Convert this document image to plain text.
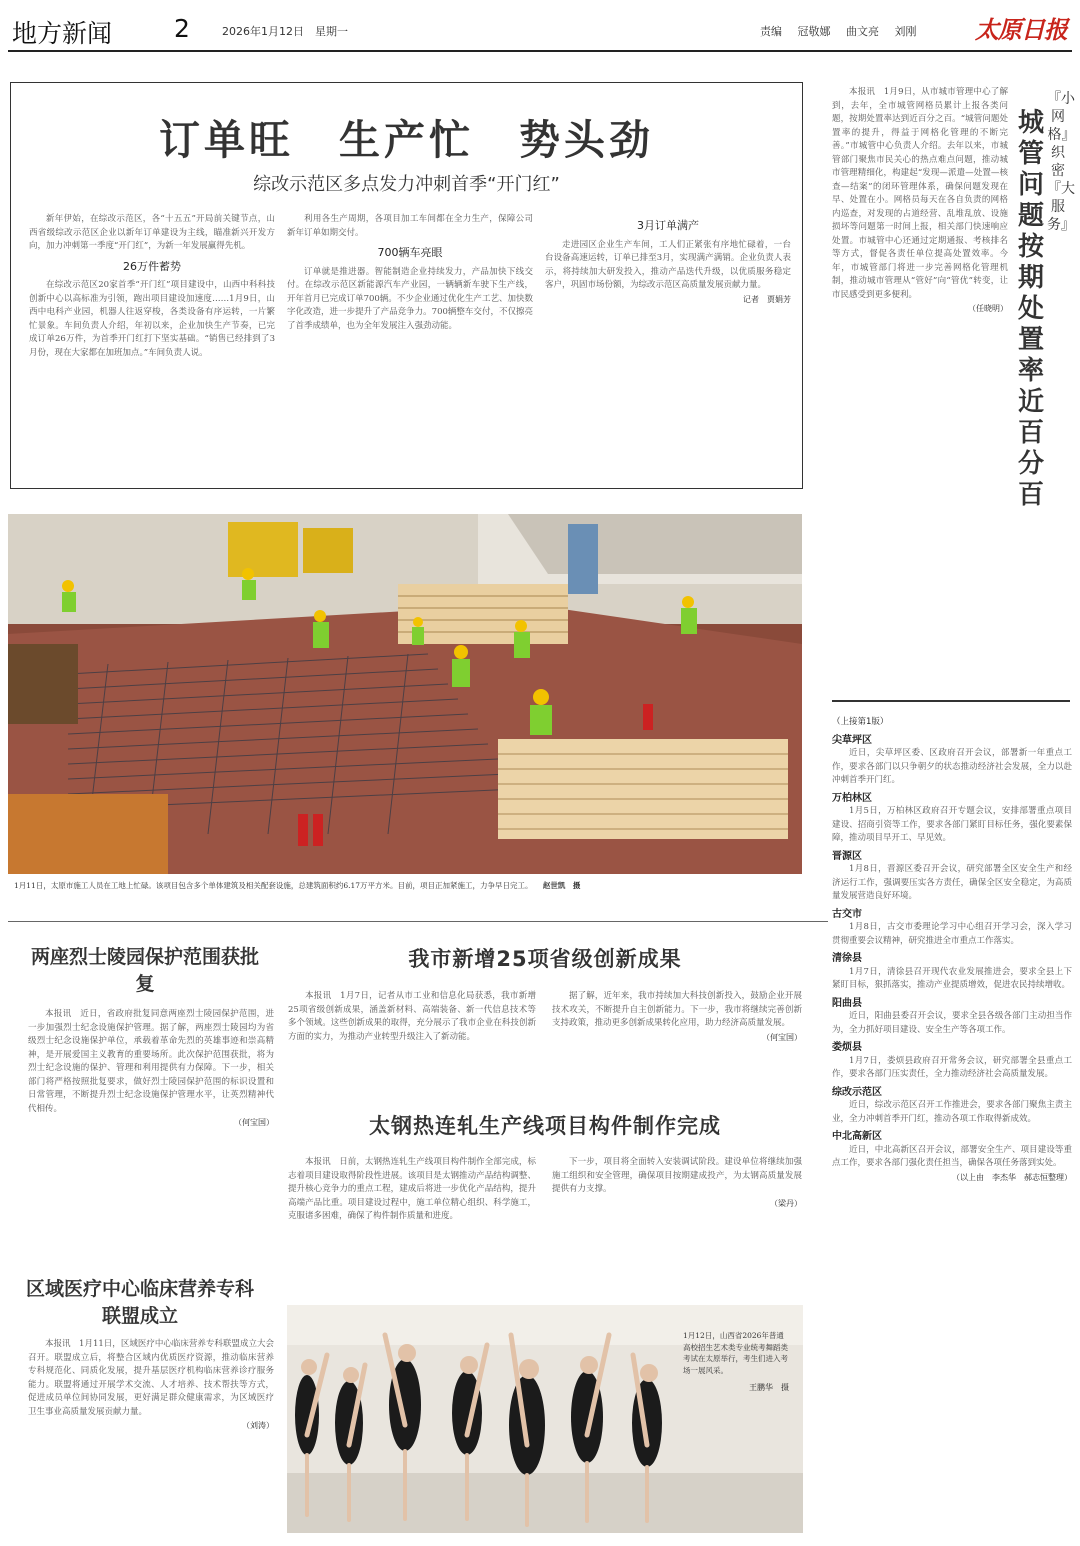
地方新闻 2	2026年1月12日　星期一	责编 冠敬娜 曲文亮 刘刚 太原日报
订单旺　生产忙　势头劲
综改示范区多点发力冲刺首季“开门红”

新年伊始，在综改示范区，各“十五五”开局前关键节点，山西省级综改示范区企业以新年订单建设为主线，瞄准新兴开发方向，加力冲刺第一季度“开门红”，为新一年发展赢得先机。

26万件蓄势

在综改示范区20家首季“开门红”项目建设中，山西中科科技创新中心以高标准为引领，跑出项目建设加速度……1月9日，山西中电科产业园，机器人往返穿梭，各类设备有序运转，一片繁忙景象。车间负责人介绍，年初以来，企业加快生产节奏，已完成订单26万件，为首季开门红打下坚实基础。“销售已经排到了3月份，现在大家都在加班加点。”车间负责人说。

利用各生产周期，各项目加工车间都在全力生产，保障公司新年订单如期交付。

700辆车亮眼

订单就是推进器。智能制造企业持续发力，产品加快下线交付。在综改示范区新能源汽车产业园，一辆辆新车驶下生产线，开年首月已完成订单700辆。不少企业通过优化生产工艺、加快数字化改造，进一步提升了产品竞争力。700辆整车交付，不仅擦亮了首季成绩单，也为全年发展注入强劲动能。

3月订单满产

走进园区企业生产车间，工人们正紧张有序地忙碌着，一台台设备高速运转，订单已排至3月，实现满产满销。企业负责人表示，将持续加大研发投入，推动产品迭代升级，以优质服务稳定客户，巩固市场份额，为综改示范区高质量发展贡献力量。

记者　贾娟芳
『小网格』织密『大服务』
城管问题按期处置率近百分百

本报讯　1月9日，从市城市管理中心了解到，去年，全市城管网格员累计上报各类问题，按期处置率达到近百分之百。“城管问题处置率的提升，得益于网格化管理的不断完善。”市城管中心负责人介绍。去年以来，市城管部门聚焦市民关心的热点难点问题，推动城市管理精细化，构建起“发现—派遣—处置—核查—结案”的闭环管理体系，确保问题发现在早、处置在小。网格员每天在各自负责的网格内巡查，对发现的占道经营、乱堆乱放、设施损坏等问题第一时间上报，相关部门快速响应处置。市城管中心还通过定期通报、考核排名等方式，督促各责任单位提高处置效率。今年，市城管部门将进一步完善网格化管理机制，推动城市管理从“管好”向“管优”转变，让市民感受到更多便利。

（任晓明）
（上接第1版）
尖草坪区

近日，尖草坪区委、区政府召开会议，部署新一年重点工作，要求各部门以只争朝夕的状态推动经济社会发展，全力以赴冲刺首季开门红。

万柏林区

1月5日，万柏林区政府召开专题会议，安排部署重点项目建设、招商引资等工作，要求各部门紧盯目标任务，强化要素保障，推动项目早开工、早见效。

晋源区

1月8日，晋源区委召开会议，研究部署全区安全生产和经济运行工作，强调要压实各方责任，确保全区安全稳定，为高质量发展营造良好环境。

古交市

1月8日，古交市委理论学习中心组召开学习会，深入学习贯彻重要会议精神，研究推进全市重点工作落实。

清徐县

1月7日，清徐县召开现代农业发展推进会，要求全县上下紧盯目标，狠抓落实，推动产业提质增效，促进农民持续增收。

阳曲县

近日，阳曲县委召开会议，要求全县各级各部门主动担当作为，全力抓好项目建设、安全生产等各项工作。

娄烦县

1月7日，娄烦县政府召开常务会议，研究部署全县重点工作，要求各部门压实责任，全力推动经济社会高质量发展。

综改示范区

近日，综改示范区召开工作推进会，要求各部门聚焦主责主业，全力冲刺首季开门红，推动各项工作取得新成效。

中北高新区

近日，中北高新区召开会议，部署安全生产、项目建设等重点工作，要求各部门强化责任担当，确保各项任务落到实处。

（以上由　李杰华　郝志恒整理）
1月11日，太原市施工人员在工地上忙碌。该项目包含多个单体建筑及相关配套设施，总建筑面积约6.17万平方米。目前，项目正加紧施工，力争早日完工。 赵世凯　摄
两座烈士陵园保护范围获批复

本报讯　近日，省政府批复同意两座烈士陵园保护范围，进一步加强烈士纪念设施保护管理。据了解，两座烈士陵园均为省级烈士纪念设施保护单位，承载着革命先烈的英雄事迹和崇高精神，是开展爱国主义教育的重要场所。此次保护范围获批，将为烈士纪念设施的保护、管理和利用提供有力保障。下一步，相关部门将严格按照批复要求，做好烈士陵园保护范围的标识设置和日常管理，不断提升烈士纪念设施保护管理水平，让英烈精神代代相传。

（何宝国）
区域医疗中心临床营养专科联盟成立

本报讯　1月11日，区域医疗中心临床营养专科联盟成立大会召开。联盟成立后，将整合区域内优质医疗资源，推动临床营养专科规范化、同质化发展，提升基层医疗机构临床营养诊疗服务能力。联盟将通过开展学术交流、人才培养、技术帮扶等方式，促进成员单位间协同发展，更好满足群众健康需求，为区域医疗卫生事业高质量发展贡献力量。

（刘涛）
我市新增25项省级创新成果

本报讯　1月7日，记者从市工业和信息化局获悉，我市新增25项省级创新成果，涵盖新材料、高端装备、新一代信息技术等多个领域。这些创新成果的取得，充分展示了我市企业在科技创新方面的实力，为推动产业转型升级注入了新动能。

据了解，近年来，我市持续加大科技创新投入，鼓励企业开展技术攻关，不断提升自主创新能力。下一步，我市将继续完善创新支持政策，推动更多创新成果转化应用，助力经济高质量发展。

（何宝国）
太钢热连轧生产线项目构件制作完成

本报讯　日前，太钢热连轧生产线项目构件制作全部完成，标志着项目建设取得阶段性进展。该项目是太钢推动产品结构调整、提升核心竞争力的重点工程，建成后将进一步优化产品结构，提升高端产品比重。项目建设过程中，施工单位精心组织、科学施工，克服诸多困难，确保了构件制作质量和进度。

下一步，项目将全面转入安装调试阶段。建设单位将继续加强施工组织和安全管理，确保项目按期建成投产，为太钢高质量发展提供有力支撑。

（梁丹）
1月12日，山西省2026年普通高校招生艺术类专业统考舞蹈类考试在太原举行，考生们进入考场一展风采。
王鹏华　摄
